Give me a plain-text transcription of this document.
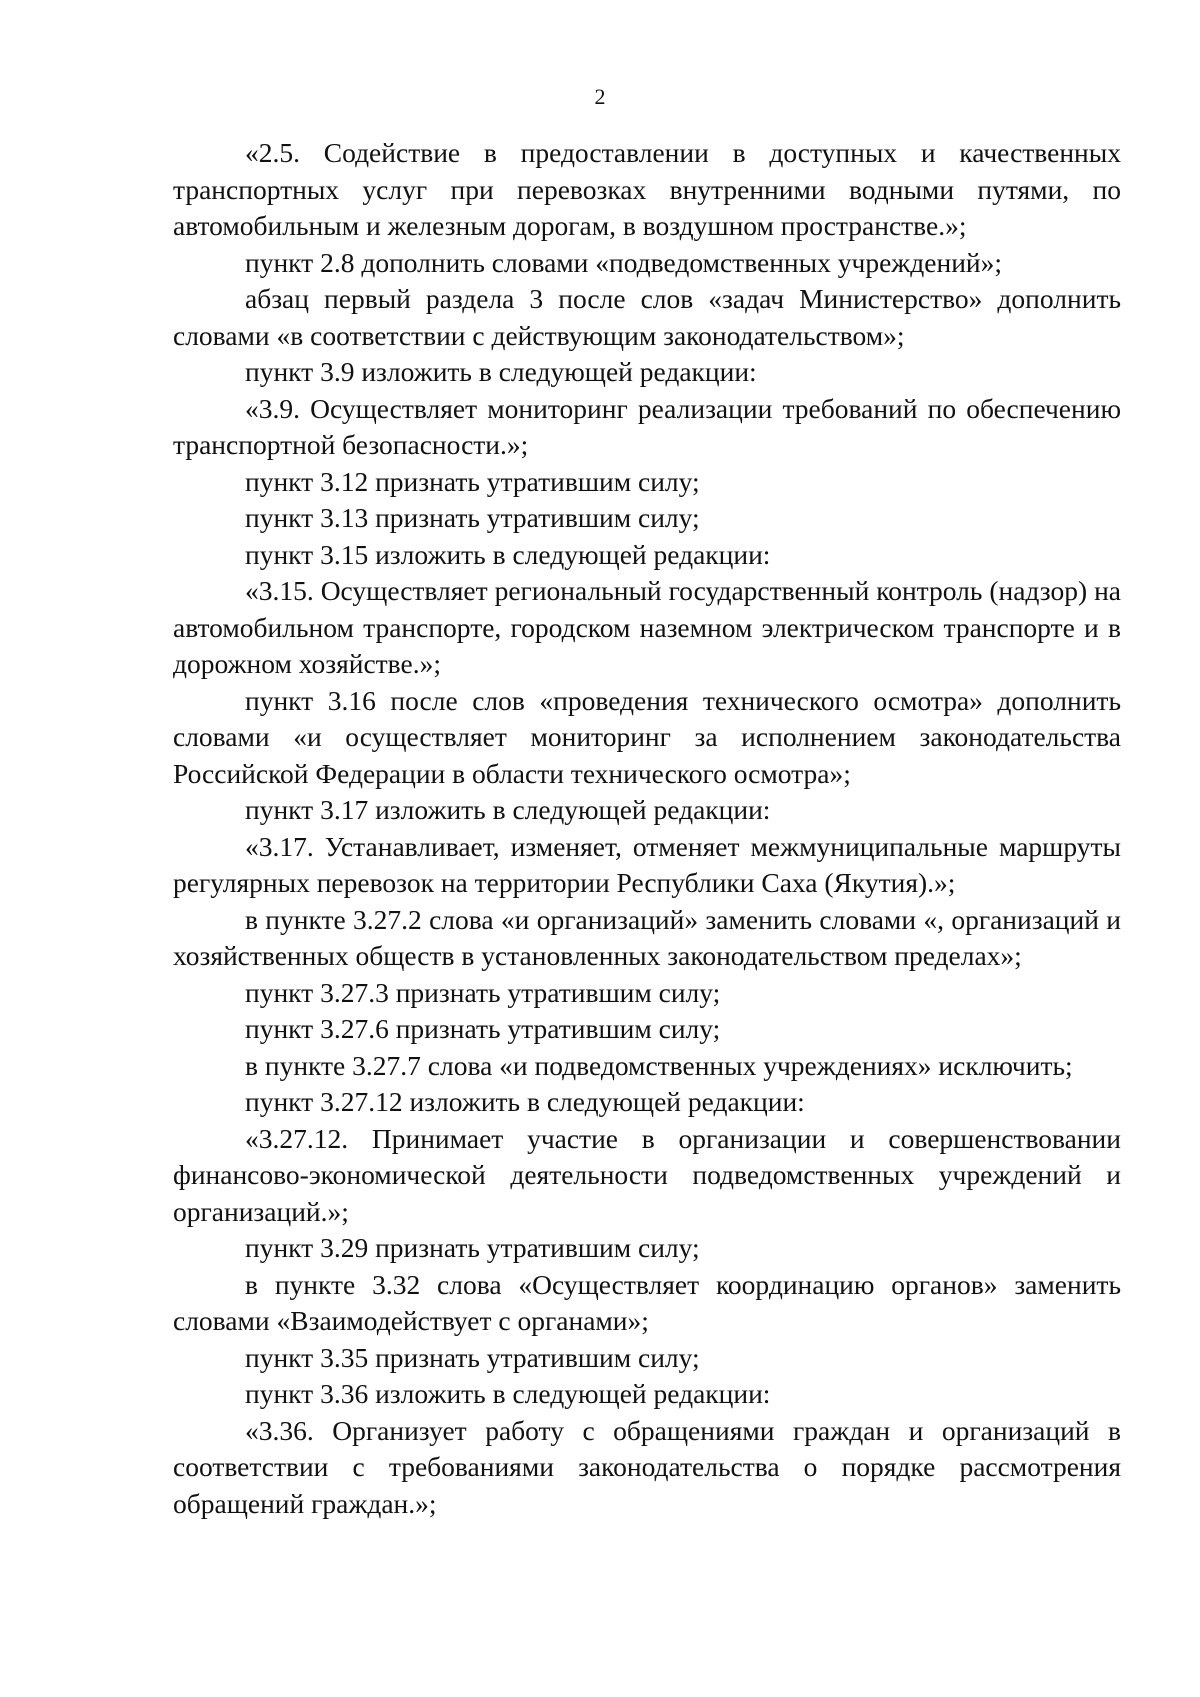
2

«2.5. Содействие в предоставлении в доступных и качественных транспортных услуг при перевозках внутренними водными путями, по автомобильным и железным дорогам, в воздушном пространстве.»;

пункт 2.8 дополнить словами «подведомственных учреждений»;

абзац первый раздела 3 после слов «задач Министерство» дополнить словами «в соответствии с действующим законодательством»;

пункт 3.9 изложить в следующей редакции:

«3.9. Осуществляет мониторинг реализации требований по обеспечению транспортной безопасности.»;

пункт 3.12 признать утратившим силу;

пункт 3.13 признать утратившим силу;

пункт 3.15 изложить в следующей редакции:

«3.15. Осуществляет региональный государственный контроль (надзор) на автомобильном транспорте, городском наземном электрическом транспорте и в дорожном хозяйстве.»;

пункт 3.16 после слов «проведения технического осмотра» дополнить словами «и осуществляет мониторинг за исполнением законодательства Российской Федерации в области технического осмотра»;

пункт 3.17 изложить в следующей редакции:

«3.17. Устанавливает, изменяет, отменяет межмуниципальные маршруты регулярных перевозок на территории Республики Саха (Якутия).»;

в пункте 3.27.2 слова «и организаций» заменить словами «, организаций и хозяйственных обществ в установленных законодательством пределах»;

пункт 3.27.3 признать утратившим силу;

пункт 3.27.6 признать утратившим силу;

в пункте 3.27.7 слова «и подведомственных учреждениях» исключить;

пункт 3.27.12 изложить в следующей редакции:

«3.27.12. Принимает участие в организации и совершенствовании финансово-экономической деятельности подведомственных учреждений и организаций.»;

пункт 3.29 признать утратившим силу;

в пункте 3.32 слова «Осуществляет координацию органов» заменить словами «Взаимодействует с органами»;

пункт 3.35 признать утратившим силу;

пункт 3.36 изложить в следующей редакции:

«3.36. Организует работу с обращениями граждан и организаций в соответствии с требованиями законодательства о порядке рассмотрения обращений граждан.»;
